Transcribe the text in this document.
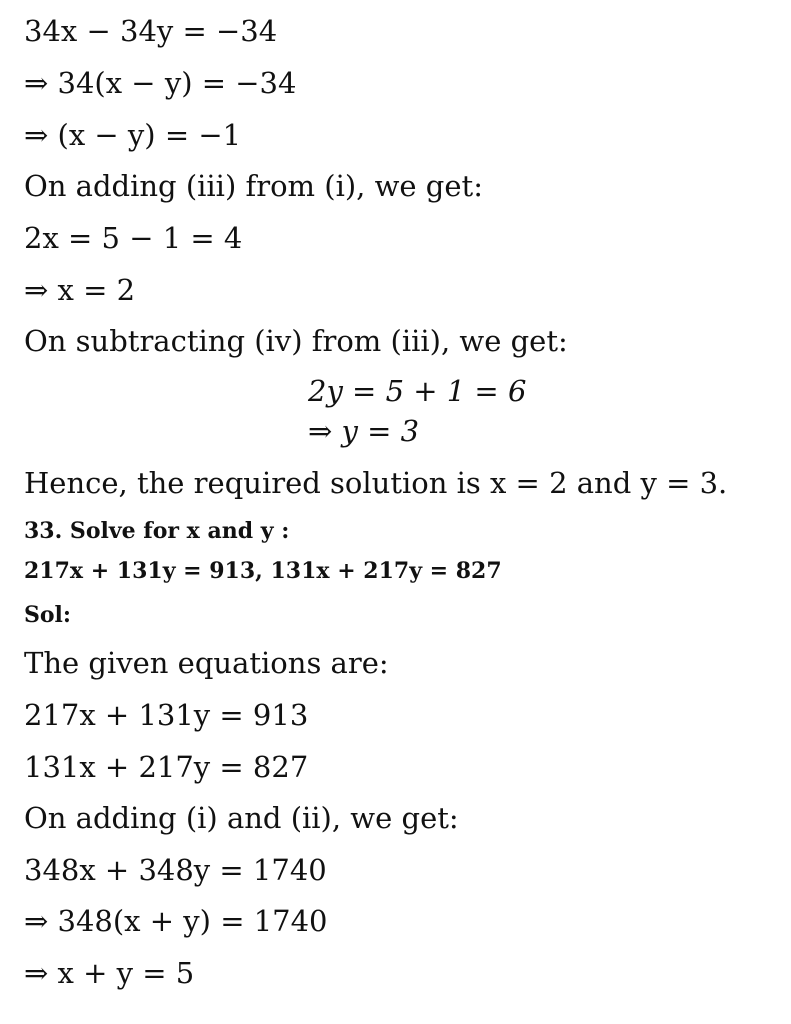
34x − 34y = −34
⇒ 34(x − y) = −34
⇒ (x − y) = −1
On adding (iii) from (i), we get:
2x = 5 − 1 = 4
⇒ x = 2
On subtracting (iv) from (iii), we get:
2y = 5 + 1 = 6
⇒ y = 3
Hence, the required solution is x = 2 and y = 3.
33. Solve for x and y :
217x + 131y = 913, 131x + 217y = 827
Sol:
The given equations are:
217x + 131y = 913
131x + 217y = 827
On adding (i) and (ii), we get:
348x + 348y = 1740
⇒ 348(x + y) = 1740
⇒ x + y = 5
